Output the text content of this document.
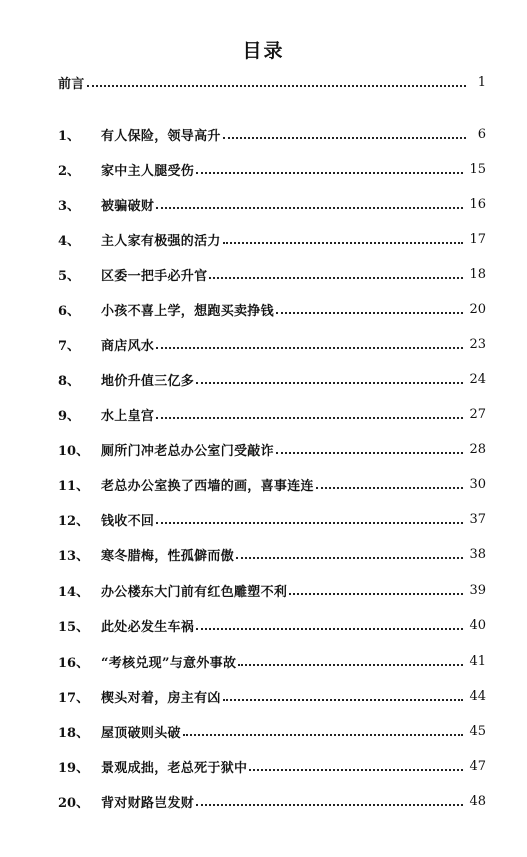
目录
前言	1
1、	有人保险，领导高升	6
2、	家中主人腿受伤	15
3、	被骗破财	16
4、	主人家有极强的活力	17
5、	区委一把手必升官	18
6、	小孩不喜上学，想跑买卖挣钱	20
7、	商店风水	23
8、	地价升值三亿多	24
9、	水上皇宫	27
10、 厕所门冲老总办公室门受敲诈	28
11、 老总办公室换了西墙的画，喜事连连	30
12、 钱收不回	37
13、 寒冬腊梅，性孤僻而傲	38
14、 办公楼东大门前有红色雕塑不利	39
15、 此处必发生车祸	40
16、 “考核兑现”与意外事故	41
17、 楔头对着，房主有凶	44
18、 屋顶破则头破	45
19、 景观成拙，老总死于狱中	47
20、 背对财路岂发财	48
